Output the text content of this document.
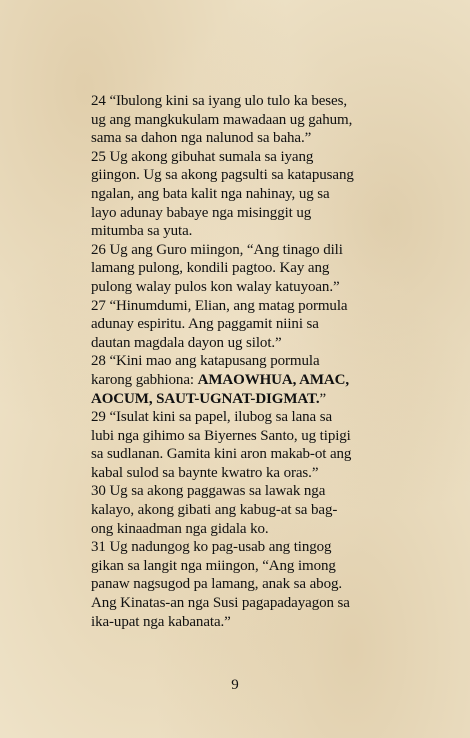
24 “Ibulong kini sa iyang ulo tulo ka beses,
ug ang mangkukulam mawadaan ug gahum,
sama sa dahon nga nalunod sa baha.”

25 Ug akong gibuhat sumala sa iyang
giingon. Ug sa akong pagsulti sa katapusang
ngalan, ang bata kalit nga nahinay, ug sa
layo adunay babaye nga misinggit ug
mitumba sa yuta.

26 Ug ang Guro miingon, “Ang tinago dili
lamang pulong, kondili pagtoo. Kay ang
pulong walay pulos kon walay katuyoan.”

27 “Hinumdumi, Elian, ang matag pormula
adunay espiritu. Ang paggamit niini sa
dautan magdala dayon ug silot.”

28 “Kini mao ang katapusang pormula
karong gabhiona: AMAOWHUA, AMAC,
AOCUM, SAUT-UGNAT-DIGMAT.”

29 “Isulat kini sa papel, ilubog sa lana sa
lubi nga gihimo sa Biyernes Santo, ug tipigi
sa sudlanan. Gamita kini aron makab-ot ang
kabal sulod sa baynte kwatro ka oras.”

30 Ug sa akong paggawas sa lawak nga
kalayo, akong gibati ang kabug-at sa bag-
ong kinaadman nga gidala ko.

31 Ug nadungog ko pag-usab ang tingog
gikan sa langit nga miingon, “Ang imong
panaw nagsugod pa lamang, anak sa abog.
Ang Kinatas-an nga Susi pagapadayagon sa
ika-upat nga kabanata.”

9
